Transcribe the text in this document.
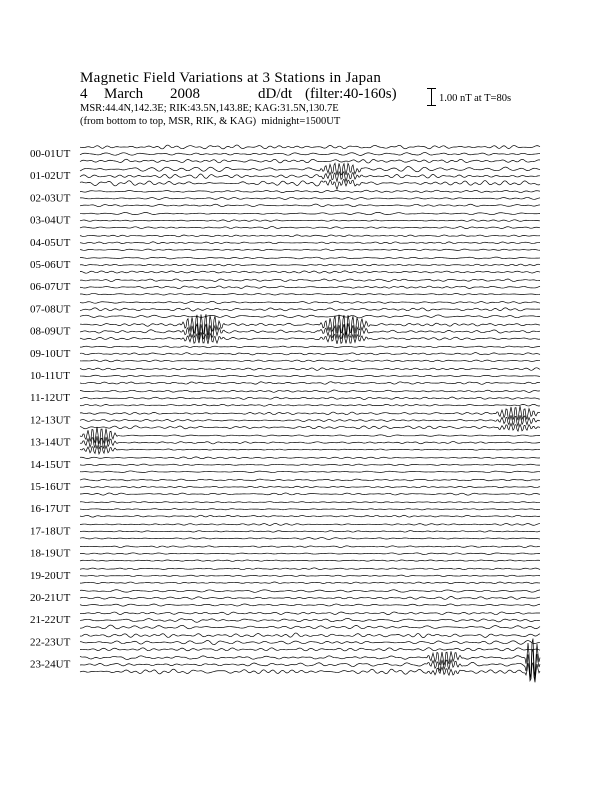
Magnetic Field Variations at 3 Stations in Japan
4 March 2008	dD/dt (filter:40-160s)
MSR:44.4N,142.3E; RIK:43.5N,143.8E; KAG:31.5N,130.7E
(from bottom to top, MSR, RIK, & KAG) midnight=1500UT
1.00 nT at T=80s
00-01UT
01-02UT
02-03UT
03-04UT
04-05UT
05-06UT
06-07UT
07-08UT
08-09UT
09-10UT
10-11UT
11-12UT
12-13UT
13-14UT
14-15UT
15-16UT
16-17UT
17-18UT
18-19UT
19-20UT
20-21UT
21-22UT
22-23UT
23-24UT
